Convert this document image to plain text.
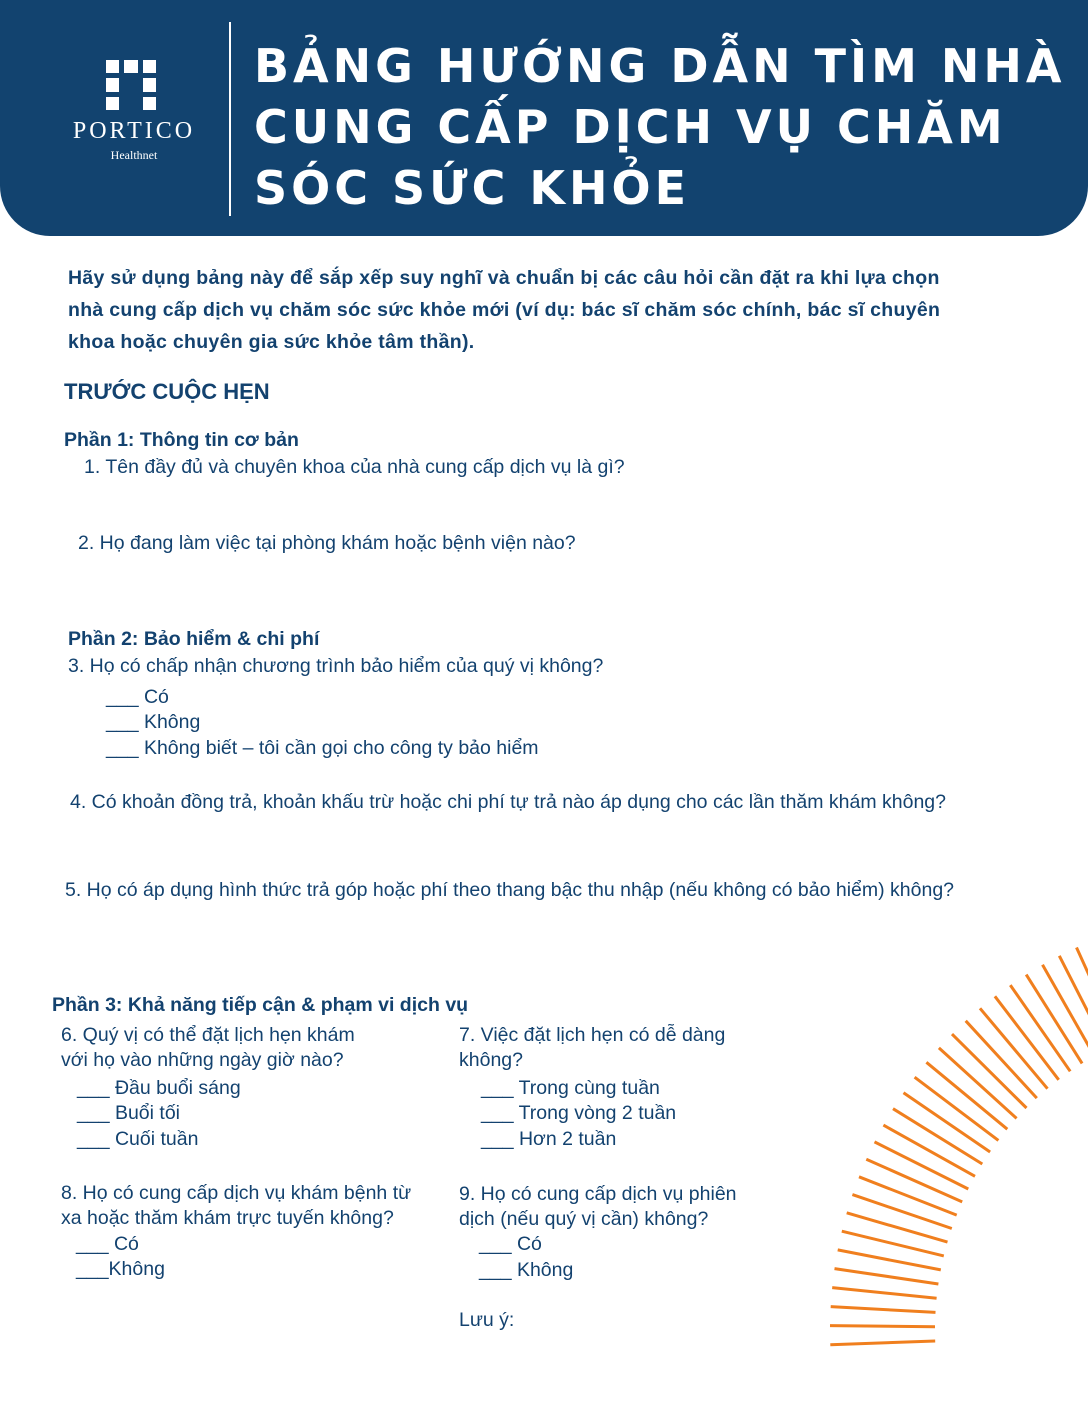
PORTICO
Healthnet
BẢNG HƯỚNG DẪN TÌM NHÀ
CUNG CẤP DỊCH VỤ CHĂM
SÓC SỨC KHỎE

Hãy sử dụng bảng này để sắp xếp suy nghĩ và chuẩn bị các câu hỏi cần đặt ra khi lựa chọn
nhà cung cấp dịch vụ chăm sóc sức khỏe mới (ví dụ: bác sĩ chăm sóc chính, bác sĩ chuyên
khoa hoặc chuyên gia sức khỏe tâm thần).

TRƯỚC CUỘC HẸN
Phần 1: Thông tin cơ bản

1. Tên đầy đủ và chuyên khoa của nhà cung cấp dịch vụ là gì?

2. Họ đang làm việc tại phòng khám hoặc bệnh viện nào?

Phần 2: Bảo hiểm & chi phí

3. Họ có chấp nhận chương trình bảo hiểm của quý vị không?

___ Có
___ Không
___ Không biết – tôi cần gọi cho công ty bảo hiểm

4. Có khoản đồng trả, khoản khấu trừ hoặc chi phí tự trả nào áp dụng cho các lần thăm khám không?

5. Họ có áp dụng hình thức trả góp hoặc phí theo thang bậc thu nhập (nếu không có bảo hiểm) không?

Phần 3: Khả năng tiếp cận & phạm vi dịch vụ

6. Quý vị có thể đặt lịch hẹn khám
với họ vào những ngày giờ nào?

___ Đầu buổi sáng
___ Buổi tối
___ Cuối tuần

7. Việc đặt lịch hẹn có dễ dàng
không?

___ Trong cùng tuần
___ Trong vòng 2 tuần
___ Hơn 2 tuần

8. Họ có cung cấp dịch vụ khám bệnh từ
xa hoặc thăm khám trực tuyến không?

___ Có
___Không

9. Họ có cung cấp dịch vụ phiên
dịch (nếu quý vị cần) không?

___ Có
___ Không
Lưu ý:
